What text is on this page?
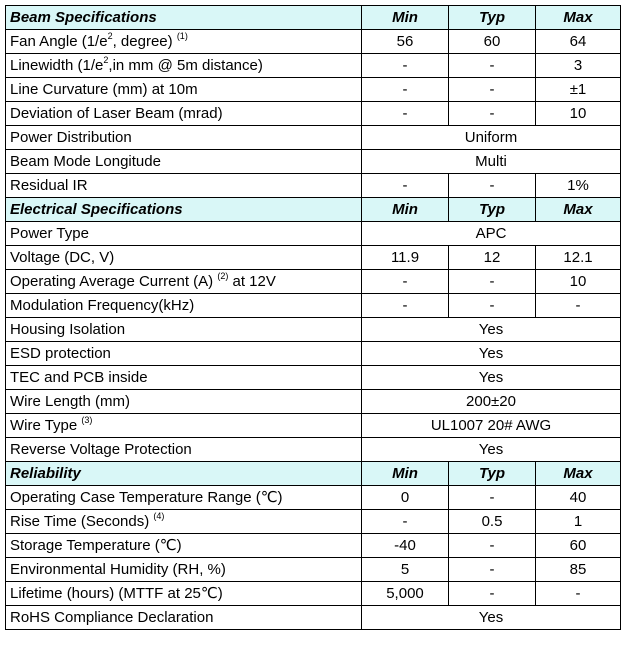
Beam Specifications	Min	Typ	Max
Fan Angle ($1/e^2$, degree) $^{(1)}$	56	60	64
Linewidth ($1/e^2,in$ mm @ 5m distance)	-	-	3
Line Curvature (mm) at 10m	-	-	±1
Deviation of Laser Beam (mrad)	-	-	10
Power Distribution	Uniform		
Beam Mode Longitude	Multi		
Residual IR	-	-	1%
Electrical Specifications	Min	Typ	Max
Power Type	APC		
Voltage (DC, V)	11.9	12	12.1
Operating Average Current (A) $^{(2)}$ at 12V	-	-	10
Modulation Frequency(kHz)	-	-	-
Housing Isolation	Yes		
ESD protection	Yes		
TEC and PCB inside	Yes		
Wire Length (mm)	200±20		
Wire Type $^{(3)}$	UL1007 20# AWG		
Reverse Voltage Protection	Yes		
Reliability	Min	Typ	Max
Operating Case Temperature Range (℃)	0	-	40
Rise Time (Seconds) $^{(4)}$	-	0.5	1
Storage Temperature (℃)	-40	-	60
Environmental Humidity (RH, %)	5	-	85
Lifetime (hours) (MTTF at 25℃)	5,000	-	-
RoHS Compliance Declaration	Yes		
